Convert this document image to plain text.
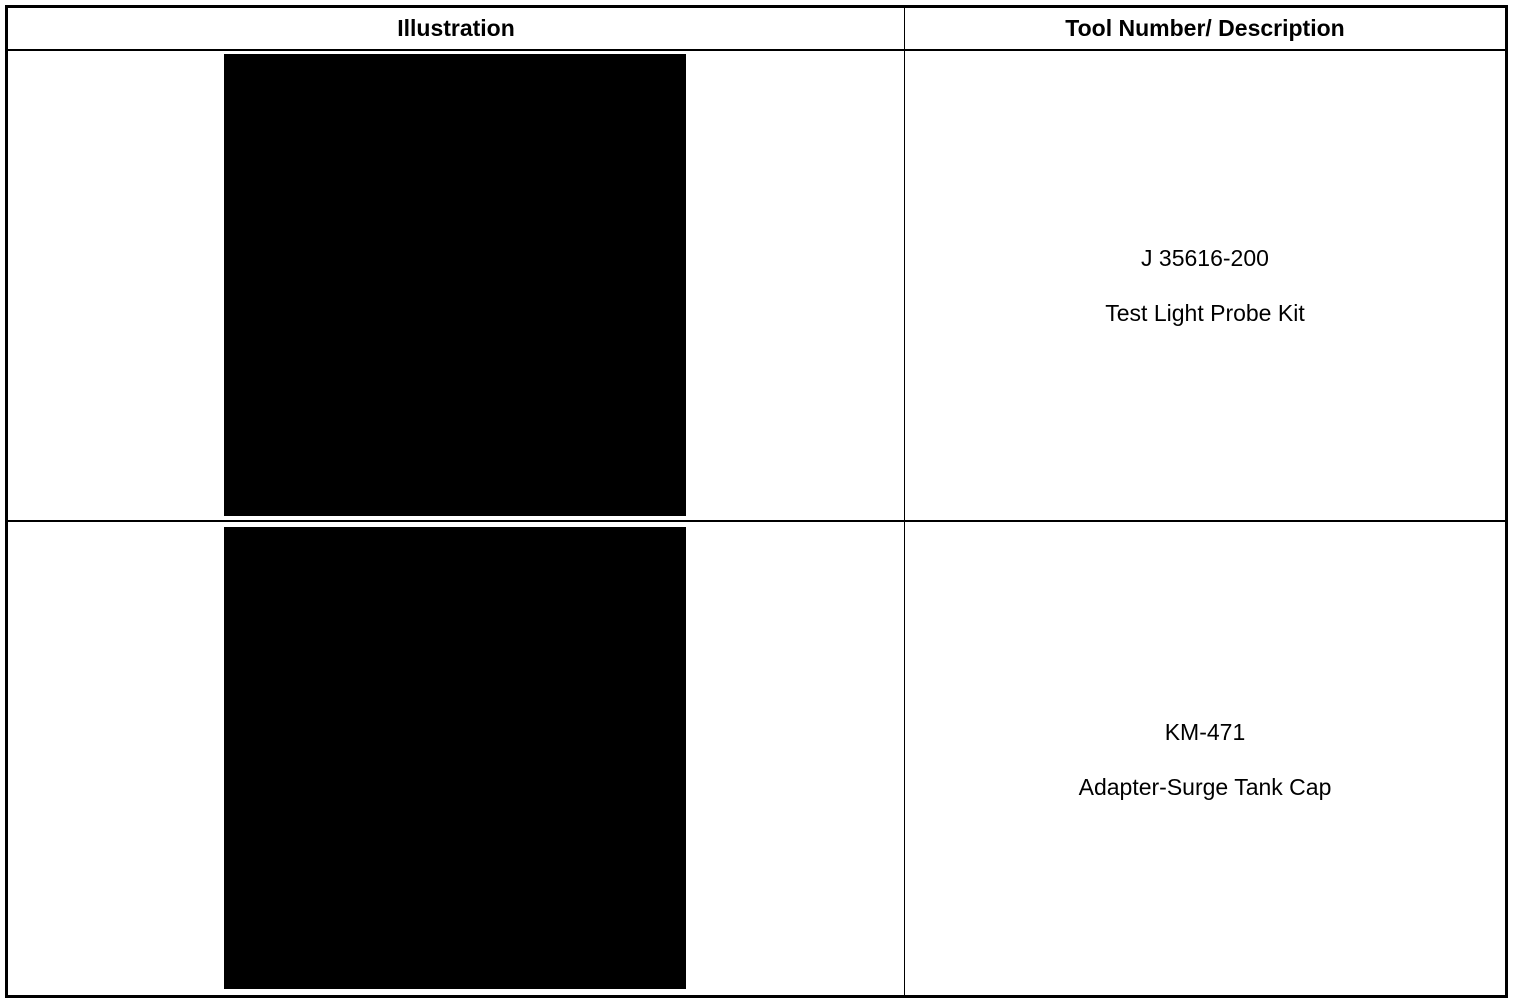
Illustration	Tool Number/ Description
J 35616-200
Test Light Probe Kit
KM-471
Adapter-Surge Tank Cap
